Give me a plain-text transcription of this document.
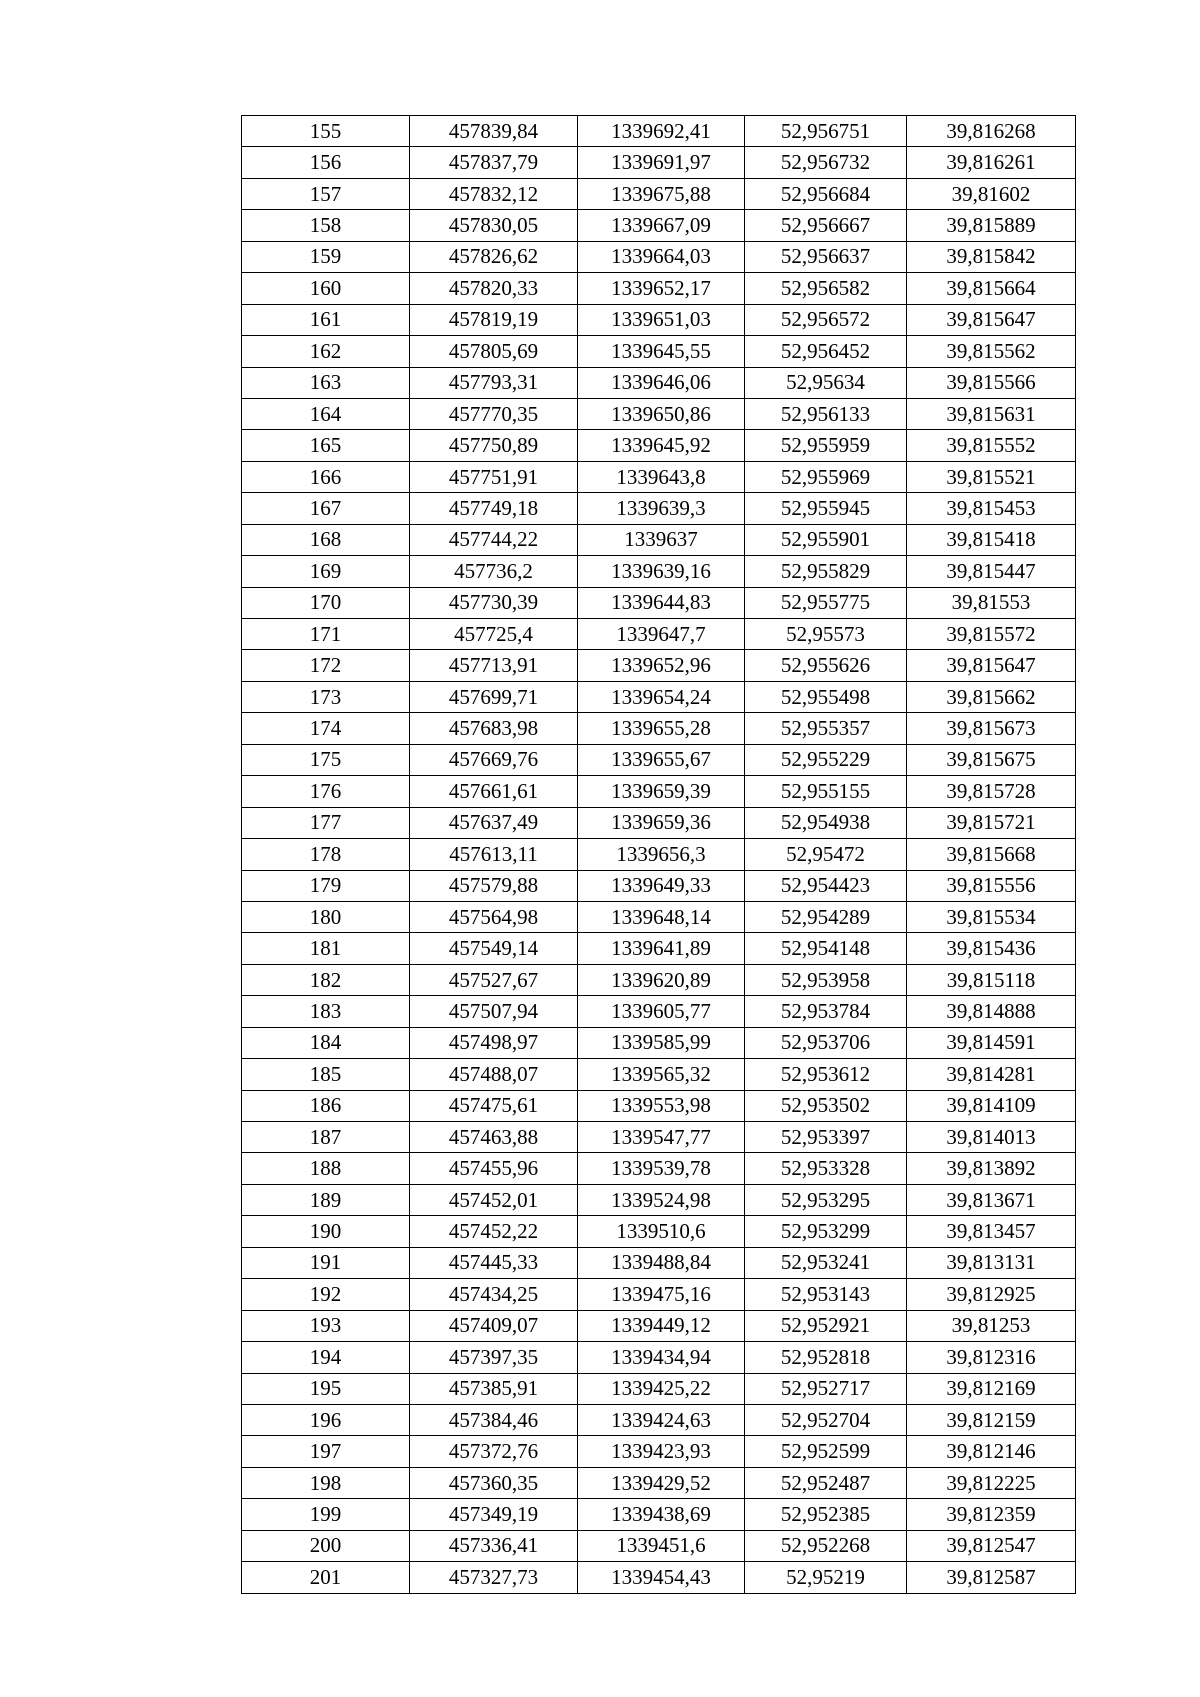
155	457839,84	1339692,41	52,956751	39,816268
156	457837,79	1339691,97	52,956732	39,816261
157	457832,12	1339675,88	52,956684	39,81602
158	457830,05	1339667,09	52,956667	39,815889
159	457826,62	1339664,03	52,956637	39,815842
160	457820,33	1339652,17	52,956582	39,815664
161	457819,19	1339651,03	52,956572	39,815647
162	457805,69	1339645,55	52,956452	39,815562
163	457793,31	1339646,06	52,95634	39,815566
164	457770,35	1339650,86	52,956133	39,815631
165	457750,89	1339645,92	52,955959	39,815552
166	457751,91	1339643,8	52,955969	39,815521
167	457749,18	1339639,3	52,955945	39,815453
168	457744,22	1339637	52,955901	39,815418
169	457736,2	1339639,16	52,955829	39,815447
170	457730,39	1339644,83	52,955775	39,81553
171	457725,4	1339647,7	52,95573	39,815572
172	457713,91	1339652,96	52,955626	39,815647
173	457699,71	1339654,24	52,955498	39,815662
174	457683,98	1339655,28	52,955357	39,815673
175	457669,76	1339655,67	52,955229	39,815675
176	457661,61	1339659,39	52,955155	39,815728
177	457637,49	1339659,36	52,954938	39,815721
178	457613,11	1339656,3	52,95472	39,815668
179	457579,88	1339649,33	52,954423	39,815556
180	457564,98	1339648,14	52,954289	39,815534
181	457549,14	1339641,89	52,954148	39,815436
182	457527,67	1339620,89	52,953958	39,815118
183	457507,94	1339605,77	52,953784	39,814888
184	457498,97	1339585,99	52,953706	39,814591
185	457488,07	1339565,32	52,953612	39,814281
186	457475,61	1339553,98	52,953502	39,814109
187	457463,88	1339547,77	52,953397	39,814013
188	457455,96	1339539,78	52,953328	39,813892
189	457452,01	1339524,98	52,953295	39,813671
190	457452,22	1339510,6	52,953299	39,813457
191	457445,33	1339488,84	52,953241	39,813131
192	457434,25	1339475,16	52,953143	39,812925
193	457409,07	1339449,12	52,952921	39,81253
194	457397,35	1339434,94	52,952818	39,812316
195	457385,91	1339425,22	52,952717	39,812169
196	457384,46	1339424,63	52,952704	39,812159
197	457372,76	1339423,93	52,952599	39,812146
198	457360,35	1339429,52	52,952487	39,812225
199	457349,19	1339438,69	52,952385	39,812359
200	457336,41	1339451,6	52,952268	39,812547
201	457327,73	1339454,43	52,95219	39,812587
